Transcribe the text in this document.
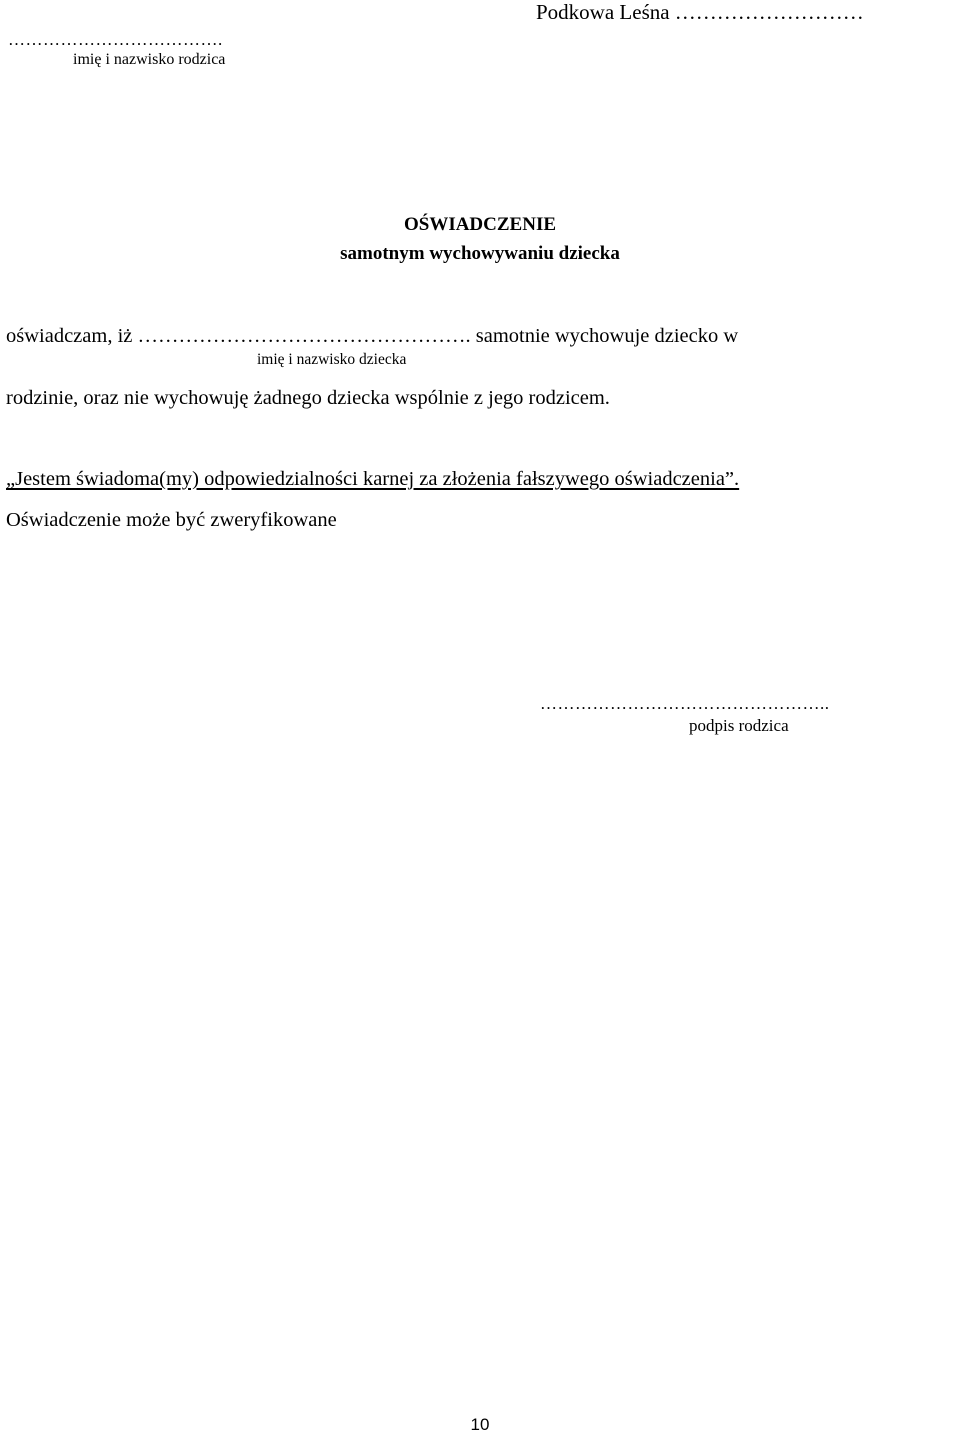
Podkowa Leśna ………………………
……………………………….
imię i nazwisko rodzica
OŚWIADCZENIE
samotnym wychowywaniu dziecka
oświadczam, iż …………………………………………. samotnie wychowuje dziecko w
imię i nazwisko dziecka
rodzinie, oraz nie wychowuję żadnego dziecka wspólnie z jego rodzicem.
„Jestem świadoma(my) odpowiedzialności karnej za złożenia fałszywego oświadczenia”.
Oświadczenie może być zweryfikowane
…………………………………………..
podpis rodzica
10
